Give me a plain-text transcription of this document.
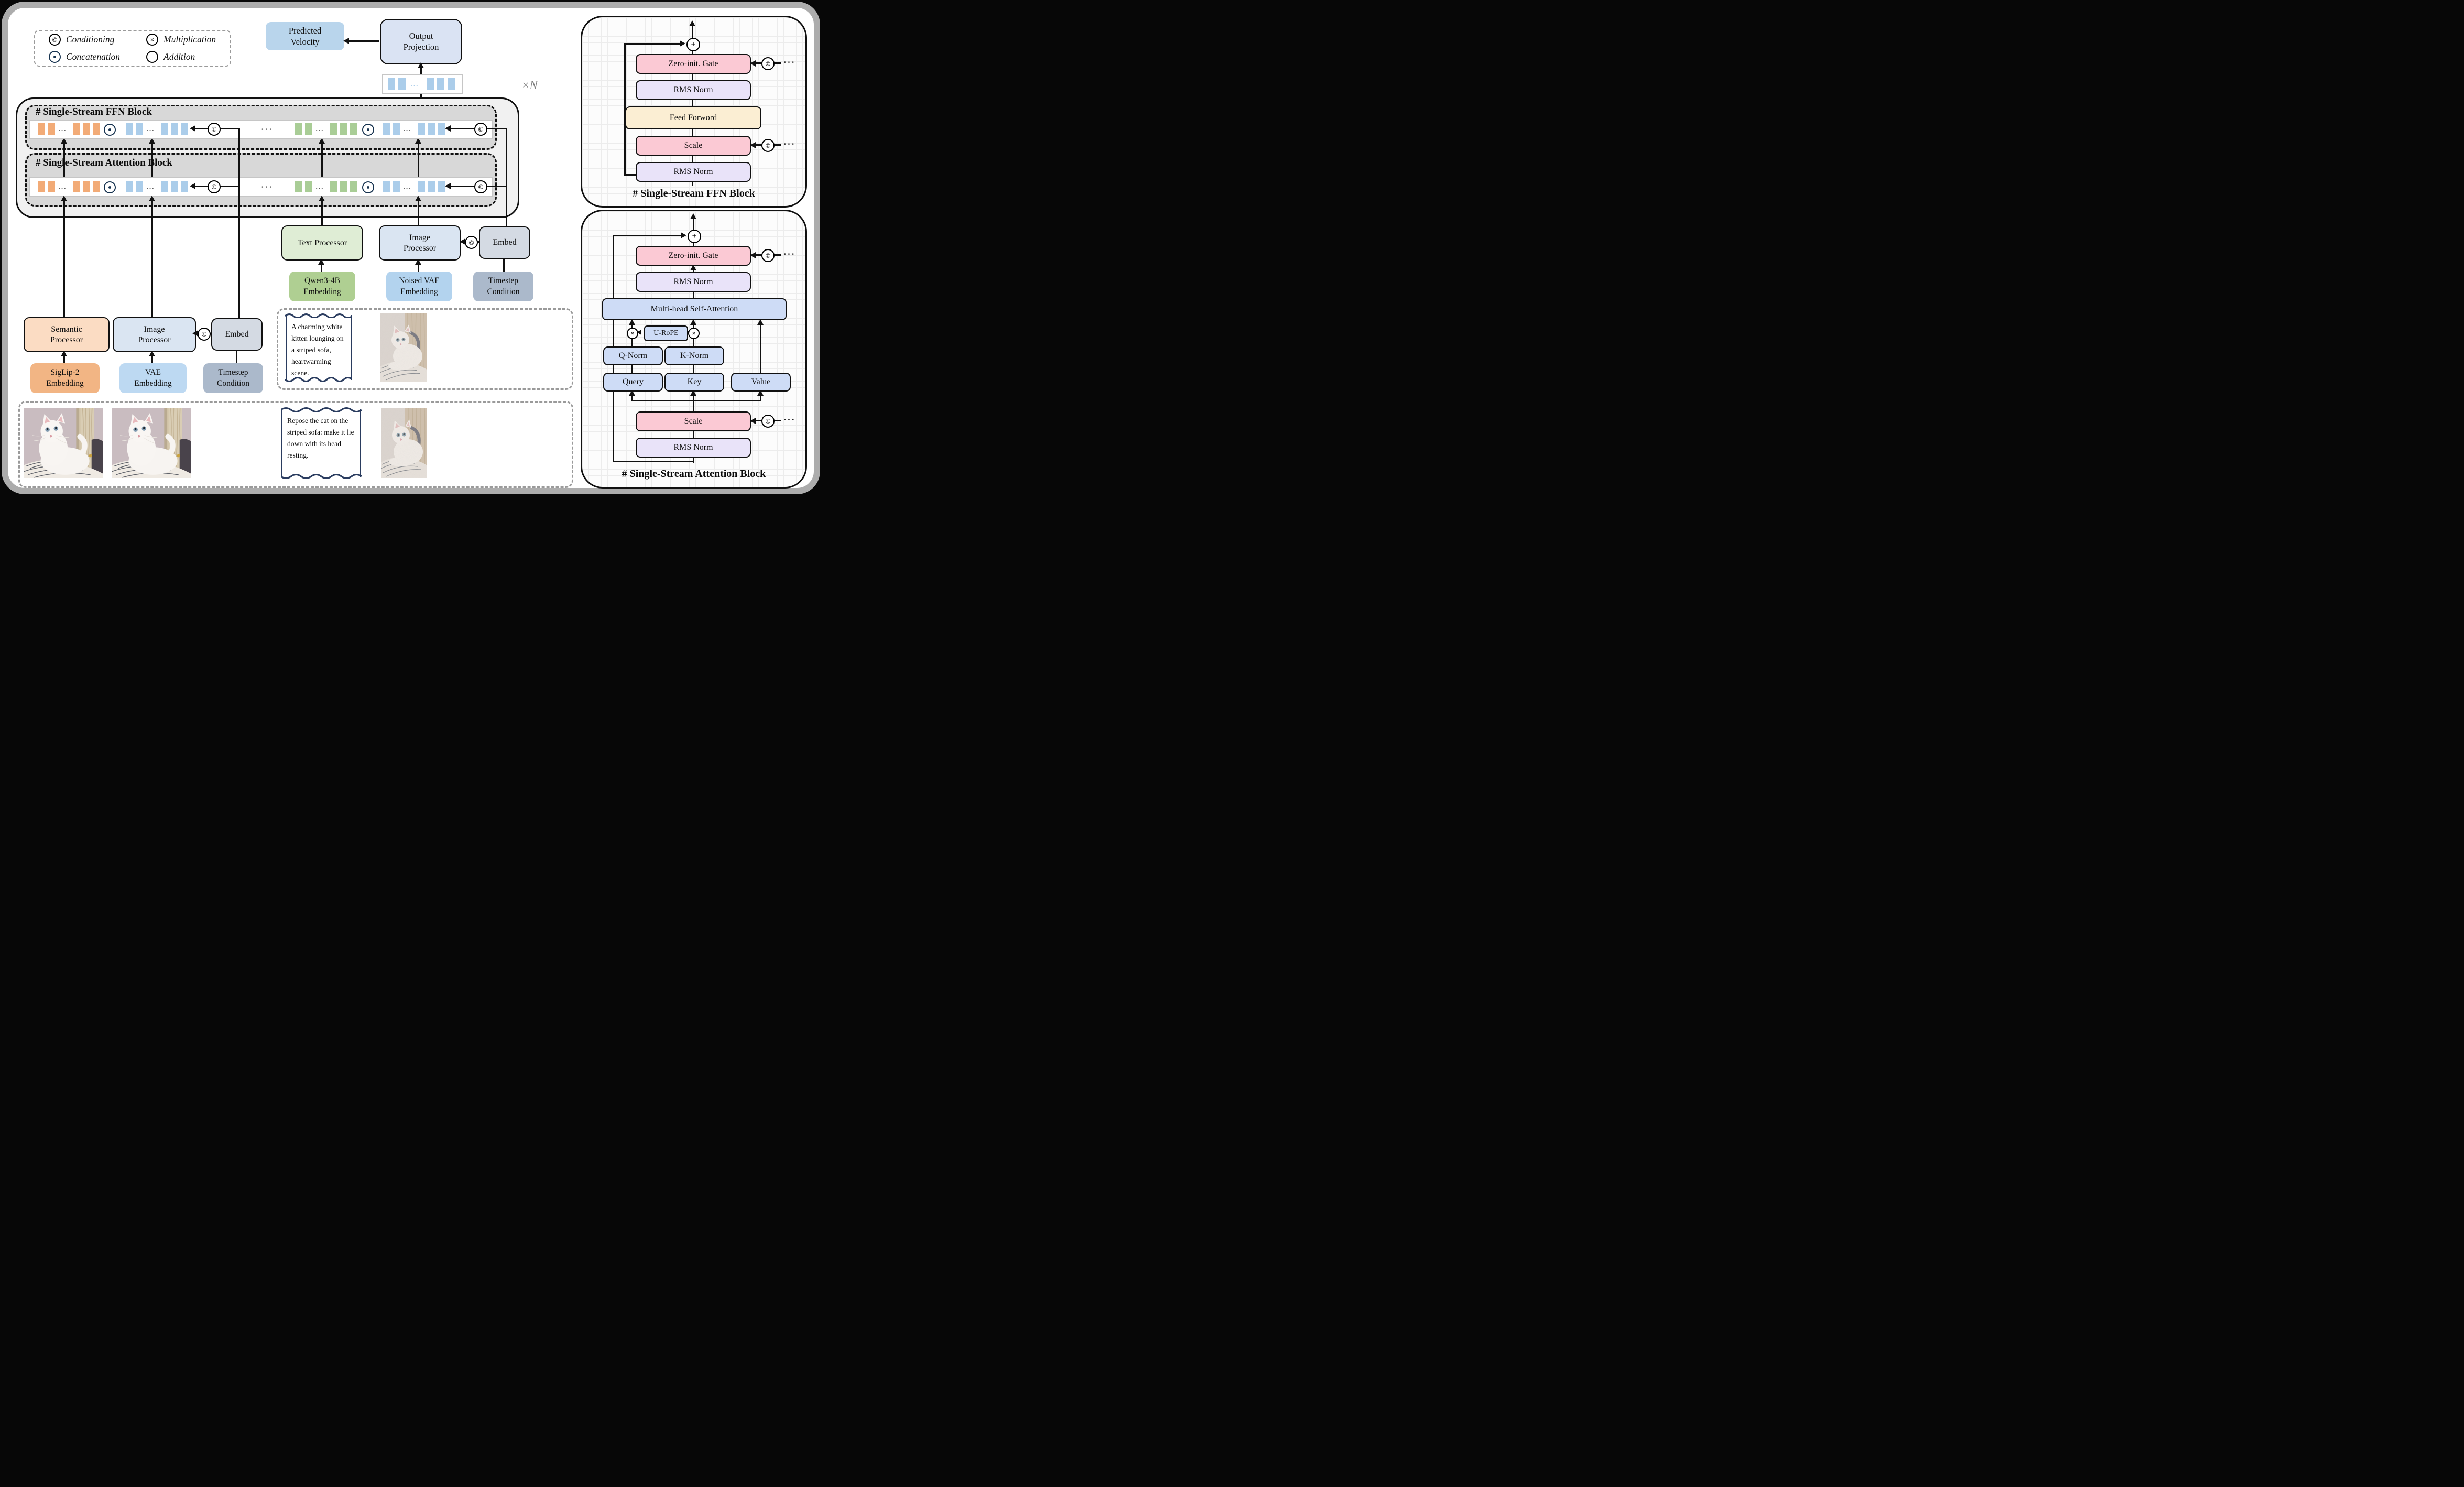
© Conditioning	×	Multiplication
Concatenation	+	Addition
Predicted Velocity
Output Projection
···	×N
# Single-Stream FFN Block
# Single-Stream Attention Block
···	···	···	···	···
©	©
···	···	···	···	···
©	©
Text Processor
Image Processor
Embed
©
Qwen3-4B Embedding
Noised VAE Embedding
Timestep Condition
Semantic Processor
Image Processor
Embed
©
SigLip-2 Embedding
VAE Embedding
Timestep Condition
A charming white kitten lounging on a striped sofa, heartwarming scene.
Repose the cat on the striped sofa: make it lie down with its head resting.
+
Zero-init. Gate	©	···
RMS Norm
Feed Forword
Scale	©	···
RMS Norm
# Single-Stream FFN Block
+
Zero-init. Gate	©	···
RMS Norm
Multi-head Self-Attention
×	×
U-RoPE
Q-Norm	K-Norm
Query	Key	Value
Scale	©	···
RMS Norm
# Single-Stream Attention Block
